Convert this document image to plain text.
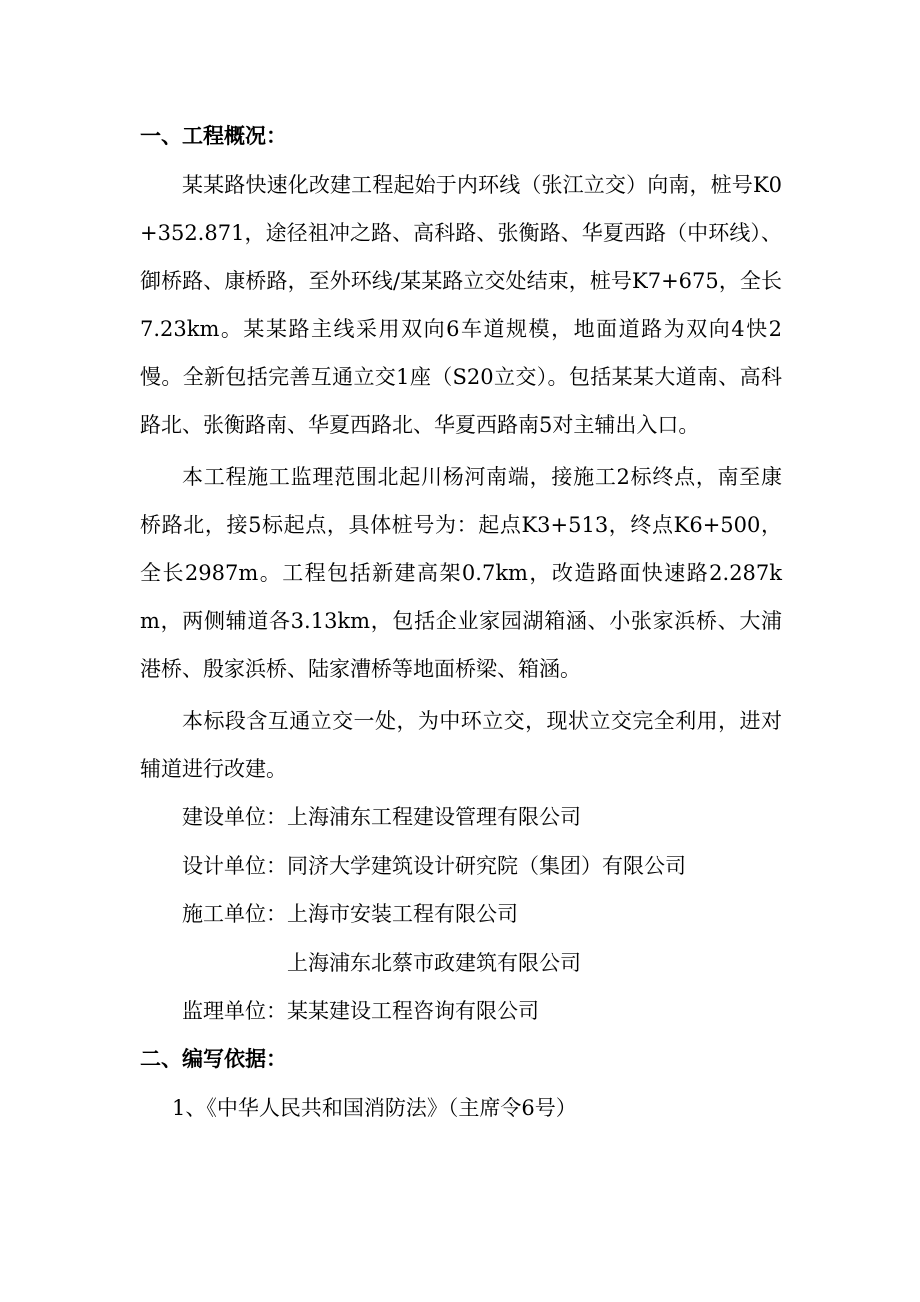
一、工程概况：

某某路快速化改建工程起始于内环线（张江立交）向南，桩号K0+352.871，途径祖冲之路、高科路、张衡路、华夏西路（中环线）、御桥路、康桥路，至外环线/某某路立交处结束，桩号K7+675，全长7.23km。某某路主线采用双向6车道规模，地面道路为双向4快2慢。全新包括完善互通立交1座（S20立交）。包括某某大道南、高科路北、张衡路南、华夏西路北、华夏西路南5对主辅出入口。

本工程施工监理范围北起川杨河南端，接施工2标终点，南至康桥路北，接5标起点，具体桩号为：起点K3+513，终点K6+500，全长2987m。工程包括新建高架0.7km，改造路面快速路2.287km，两侧辅道各3.13km，包括企业家园湖箱涵、小张家浜桥、大浦港桥、殷家浜桥、陆家漕桥等地面桥梁、箱涵。

本标段含互通立交一处，为中环立交，现状立交完全利用，进对辅道进行改建。

建设单位：上海浦东工程建设管理有限公司
设计单位：同济大学建筑设计研究院（集团）有限公司
施工单位：上海市安装工程有限公司
上海浦东北蔡市政建筑有限公司
监理单位：某某建设工程咨询有限公司
二、编写依据：
1、《中华人民共和国消防法》（主席令6号）
